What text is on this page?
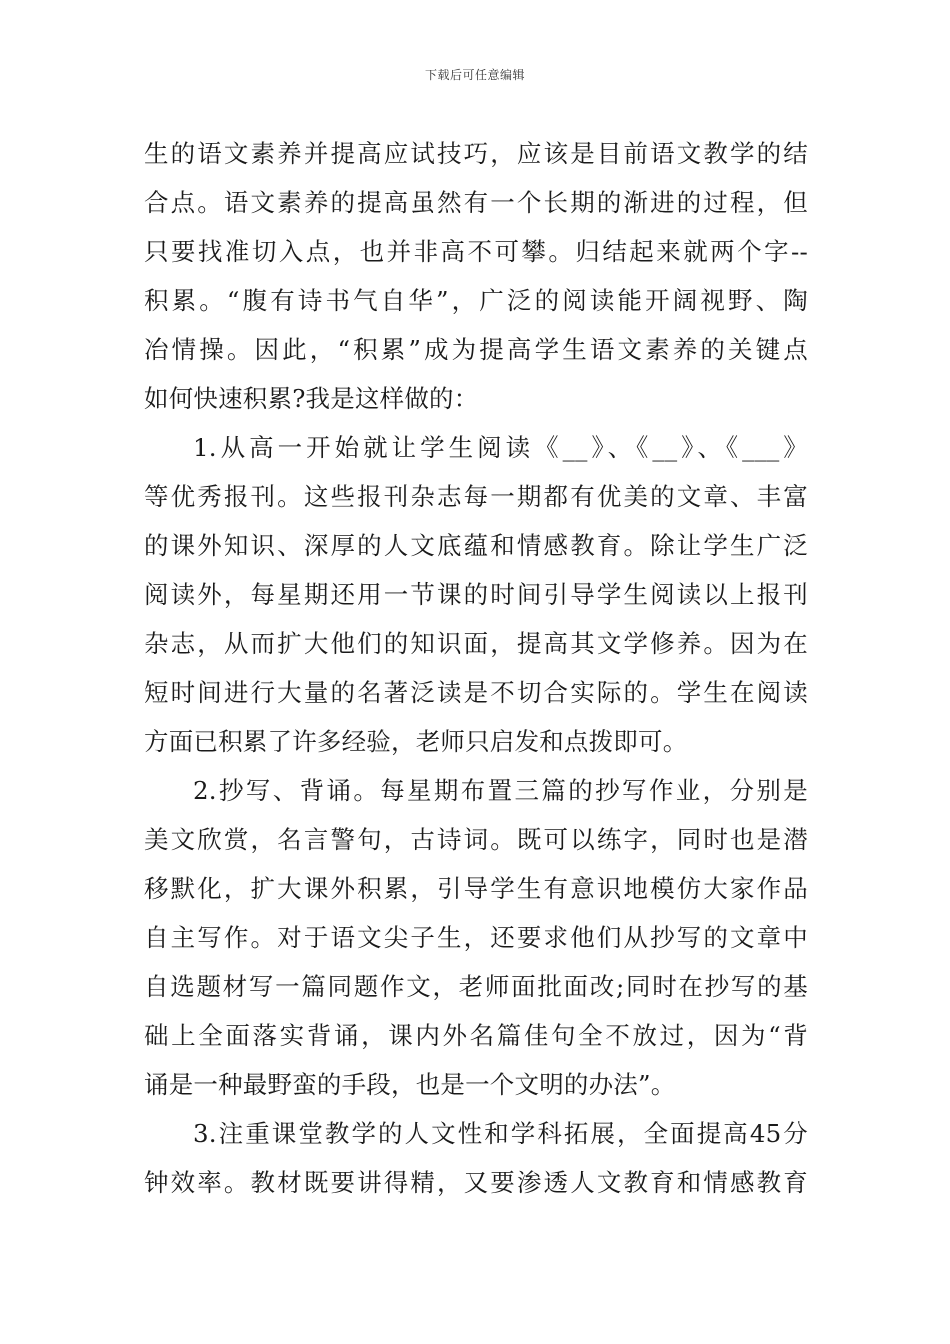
下载后可任意编辑
生的语文素养并提高应试技巧，应该是目前语文教学的结
合点。语文素养的提高虽然有一个长期的渐进的过程，但
只要找准切入点，也并非高不可攀。归结起来就两个字--
积累。“腹有诗书气自华”，广泛的阅读能开阔视野、陶
冶情操。因此，“积累”成为提高学生语文素养的关键点
如何快速积累?我是这样做的：
1.从高一开始就让学生阅读《__》、《__》、《___》
等优秀报刊。这些报刊杂志每一期都有优美的文章、丰富
的课外知识、深厚的人文底蕴和情感教育。除让学生广泛
阅读外，每星期还用一节课的时间引导学生阅读以上报刊
杂志，从而扩大他们的知识面，提高其文学修养。因为在
短时间进行大量的名著泛读是不切合实际的。学生在阅读
方面已积累了许多经验，老师只启发和点拨即可。
2.抄写、背诵。每星期布置三篇的抄写作业，分别是
美文欣赏，名言警句，古诗词。既可以练字，同时也是潜
移默化，扩大课外积累，引导学生有意识地模仿大家作品
自主写作。对于语文尖子生，还要求他们从抄写的文章中
自选题材写一篇同题作文，老师面批面改;同时在抄写的基
础上全面落实背诵，课内外名篇佳句全不放过，因为“背
诵是一种最野蛮的手段，也是一个文明的办法”。
3.注重课堂教学的人文性和学科拓展，全面提高45分
钟效率。教材既要讲得精，又要渗透人文教育和情感教育
